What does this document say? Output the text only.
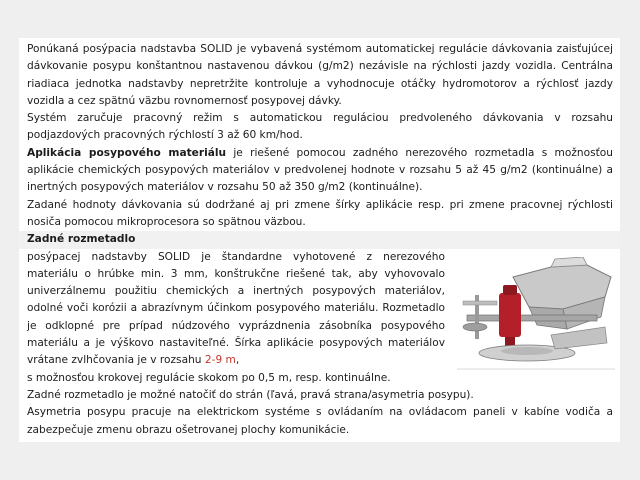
Ponúkaná posýpacia nadstavba SOLID je vybavená systémom automatickej regulácie dávkovania zaisťujúcej dávkovanie posypu konštantnou nastavenou dávkou (g/m2) nezávisle na rýchlosti jazdy vozidla. Centrálna riadiaca jednotka nadstavby nepretržite kontroluje a vyhodnocuje otáčky hydromotorov a rýchlosť jazdy vozidla a cez spätnú väzbu rovnomernosť posypovej dávky.

Systém zaručuje pracovný režim s automatickou reguláciou predvoleného dávkovania v rozsahu podjazdových pracovných rýchlostí 3 až 60 km/hod.

Aplikácia posypového materiálu je riešené pomocou zadného nerezového rozmetadla s možnosťou aplikácie chemických posypových materiálov v predvolenej hodnote v rozsahu 5 až 45 g/m2 (kontinuálne) a inertných posypových materiálov v rozsahu 50 až 350 g/m2 (kontinuálne).

Zadané hodnoty dávkovania sú dodržané aj pri zmene šírky aplikácie resp. pri zmene pracovnej rýchlosti nosiča pomocou mikroprocesora so spätnou väzbou.

Zadné rozmetadlo

posýpacej nadstavby SOLID je štandardne vyhotovené z nerezového materiálu o hrúbke min. 3 mm, konštrukčne riešené tak, aby vyhovovalo univerzálnemu použitiu chemických a inertných posypových materiálov, odolné voči korózii a abrazívnym účinkom posypového materiálu. Rozmetadlo je odklopné pre prípad núdzového vyprázdnenia zásobníka posypového materiálu a je výškovo nastaviteľné. Šírka aplikácie posypových materiálov vrátane zvlhčovania je v rozsahu 2-9 m,

s možnosťou krokovej regulácie skokom po 0,5 m, resp. kontinuálne.

Zadné rozmetadlo je možné natočiť do strán (ľavá, pravá strana/asymetria posypu).

Asymetria posypu pracuje na elektrickom systéme s ovládaním na ovládacom paneli v kabíne vodiča a zabezpečuje zmenu obrazu ošetrovanej plochy komunikácie.
